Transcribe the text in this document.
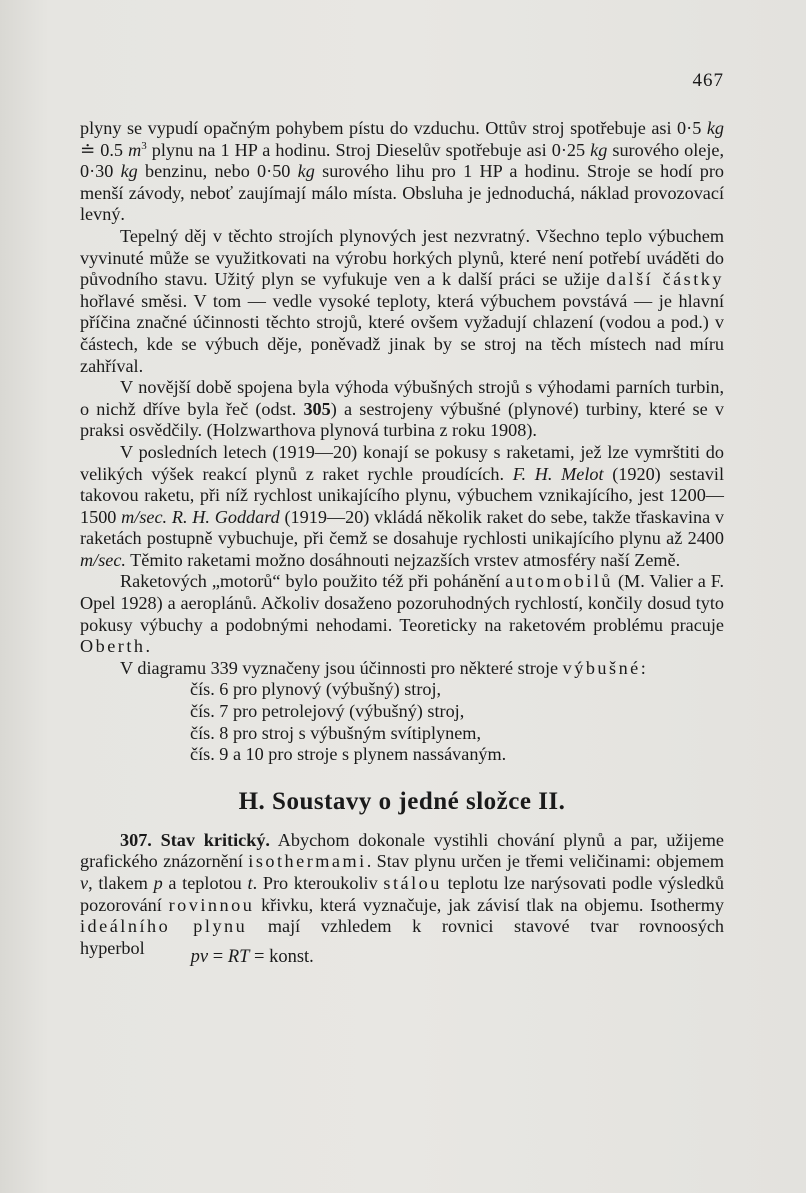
467

plyny se vypudí opačným pohybem pístu do vzduchu. Ottův stroj spotřebuje asi 0·5 kg ≐ 0.5 $m^3$ plynu na 1 HP a hodinu. Stroj Dieselův spotřebuje asi 0·25 kg surového oleje, 0·30 kg benzinu, nebo 0·50 kg surového lihu pro 1 HP a hodinu. Stroje se hodí pro menší závody, neboť zaujímají málo místa. Obsluha je jednoduchá, náklad provozovací levný.

Tepelný děj v těchto strojích plynových jest nezvratný. Všechno teplo výbuchem vyvinuté může se využitkovati na výrobu horkých plynů, které není potřebí uváděti do původního stavu. Užitý plyn se vyfukuje ven a k další práci se užije další částky hořlavé směsi. V tom — vedle vysoké teploty, která výbuchem povstává — je hlavní příčina značné účinnosti těchto strojů, které ovšem vyžadují chlazení (vodou a pod.) v částech, kde se výbuch děje, poněvadž jinak by se stroj na těch místech nad míru zahříval.

V novější době spojena byla výhoda výbušných strojů s výhodami parních turbin, o nichž dříve byla řeč (odst. 305) a sestrojeny výbušné (plynové) turbiny, které se v praksi osvědčily. (Holzwarthova plynová turbina z roku 1908).

V posledních letech (1919—20) konají se pokusy s raketami, jež lze vymrštiti do velikých výšek reakcí plynů z raket rychle proudících. F. H. Melot (1920) sestavil takovou raketu, při níž rychlost unikajícího plynu, výbuchem vznikajícího, jest 1200—1500 m/sec. R. H. Goddard (1919—20) vkládá několik raket do sebe, takže třaskavina v raketách postupně vybuchuje, při čemž se dosahuje rychlosti unikajícího plynu až 2400 m/sec. Těmito raketami možno dosáhnouti nejzazších vrstev atmosféry naší Země.

Raketových „motorů“ bylo použito též při pohánění automobilů (M. Valier a F. Opel 1928) a aeroplánů. Ačkoliv dosaženo pozoruhodných rychlostí, končily dosud tyto pokusy výbuchy a podobnými nehodami. Teoreticky na raketovém problému pracuje Oberth.

V diagramu 339 vyznačeny jsou účinnosti pro některé stroje výbušné:

čís. 6 pro plynový (výbušný) stroj,
čís. 7 pro petrolejový (výbušný) stroj,
čís. 8 pro stroj s výbušným svítiplynem,
čís. 9 a 10 pro stroje s plynem nassávaným.
H. Soustavy o jedné složce II.

307. Stav kritický. Abychom dokonale vystihli chování plynů a par, užijeme grafického znázornění isothermami. Stav plynu určen je třemi veličinami: objemem v, tlakem p a teplotou t. Pro kteroukoliv stálou teplotu lze narýsovati podle výsledků pozorování rovinnou křivku, která vyznačuje, jak závisí tlak na objemu. Isothermy ideálního plynu mají vzhledem k rovnici stavové tvar rovnoosých hyperbol pv = RT = konst.
